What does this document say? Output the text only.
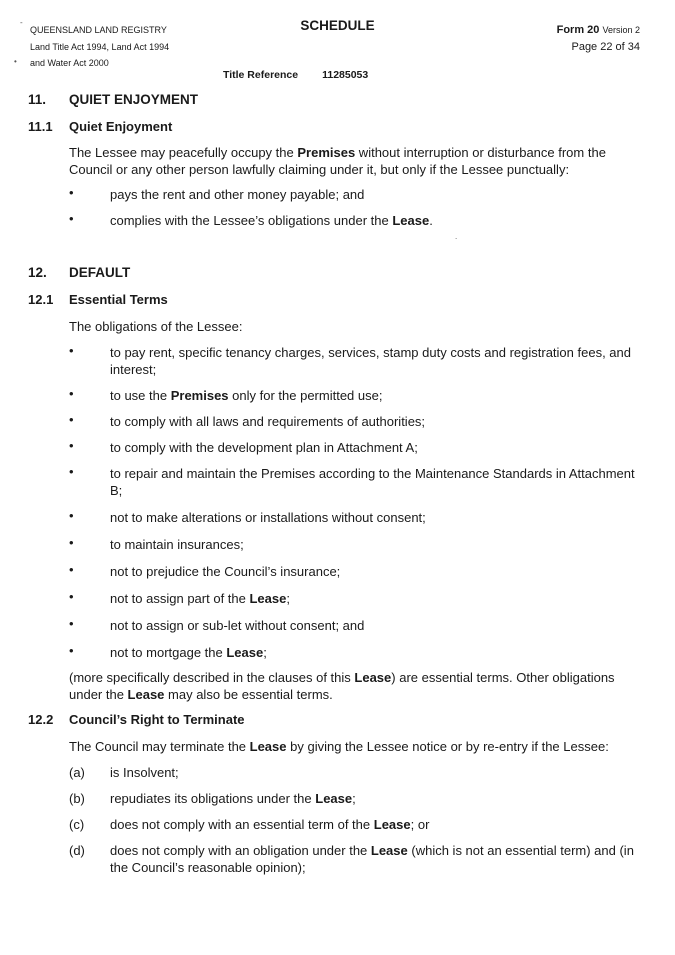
QUEENSLAND LAND REGISTRY
Land Title Act 1994, Land Act 1994
and Water Act 2000
-
•
SCHEDULE	Form 20 Version 2
Page 22 of 34
Title Reference 11285053
11. QUIET ENJOYMENT
11.1 Quiet Enjoyment
The Lessee may peacefully occupy the Premises without interruption or disturbance from the Council or any other person lawfully claiming under it, but only if the Lessee punctually:
•	pays the rent and other money payable; and
•	complies with the Lessee’s obligations under the Lease.
.
12. DEFAULT
12.1 Essential Terms
The obligations of the Lessee:
•	to pay rent, specific tenancy charges, services, stamp duty costs and registration fees, and interest;
•	to use the Premises only for the permitted use;
•	to comply with all laws and requirements of authorities;
•	to comply with the development plan in Attachment A;
•	to repair and maintain the Premises according to the Maintenance Standards in Attachment B;
•	not to make alterations or installations without consent;
•	to maintain insurances;
•	not to prejudice the Council’s insurance;
•	not to assign part of the Lease;
•	not to assign or sub-let without consent; and
•	not to mortgage the Lease;
(more specifically described in the clauses of this Lease) are essential terms. Other obligations under the Lease may also be essential terms.
12.2 Council’s Right to Terminate
The Council may terminate the Lease by giving the Lessee notice or by re-entry if the Lessee:
(a) is Insolvent;
(b) repudiates its obligations under the Lease;
(c) does not comply with an essential term of the Lease; or
(d) does not comply with an obligation under the Lease (which is not an essential term) and (in the Council’s reasonable opinion);
